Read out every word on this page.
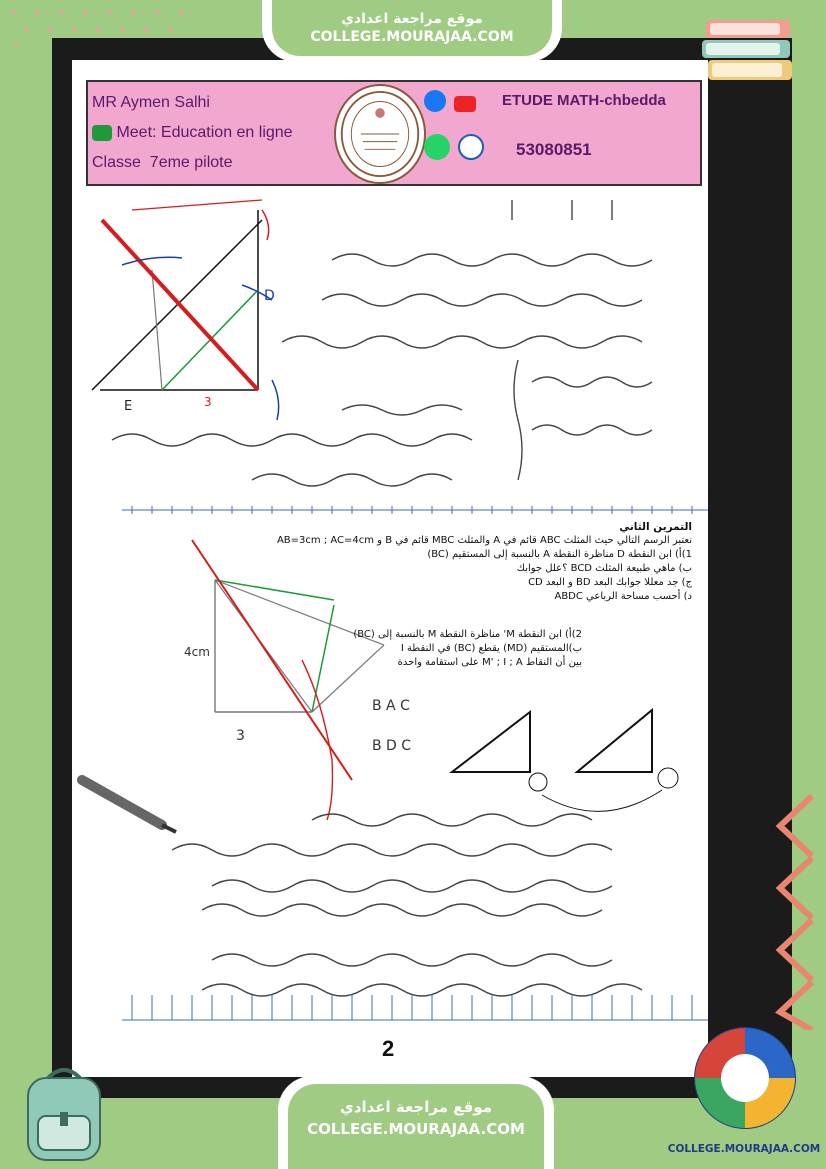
موقع مراجعة اعدادي
COLLEGE.MOURAJAA.COM
MR Aymen Salhi
Meet: Education en ligne
Classe 7eme pilote

ETUDE MATH-chbedda

53080851
E
D
3
4cm
3
B A C
B D C
التمرين الثاني
نعتبر الرسم التالي حيث المثلث ABC قائم في A والمثلث MBC قائم في B و AB=3cm ; AC=4cm
1)أ) ابن النقطة D مناظرة النقطة A بالنسبة إلى المستقيم (BC)
ب) ماهي طبيعة المثلث BCD ؟علل جوابك
ج) جد معللا جوابك البعد BD و البعد CD
د) أحسب مساحة الرباعي ABDC
2)أ) ابن النقطة M' مناظرة النقطة M بالنسبة إلى (BC)
ب)المستقيم (MD) يقطع (BC) في النقطة I
بين أن النقاط M' ; I ; A على استقامة واحدة
2
موقع مراجعة اعدادي
COLLEGE.MOURAJAA.COM
COLLEGE.MOURAJAA.COM
